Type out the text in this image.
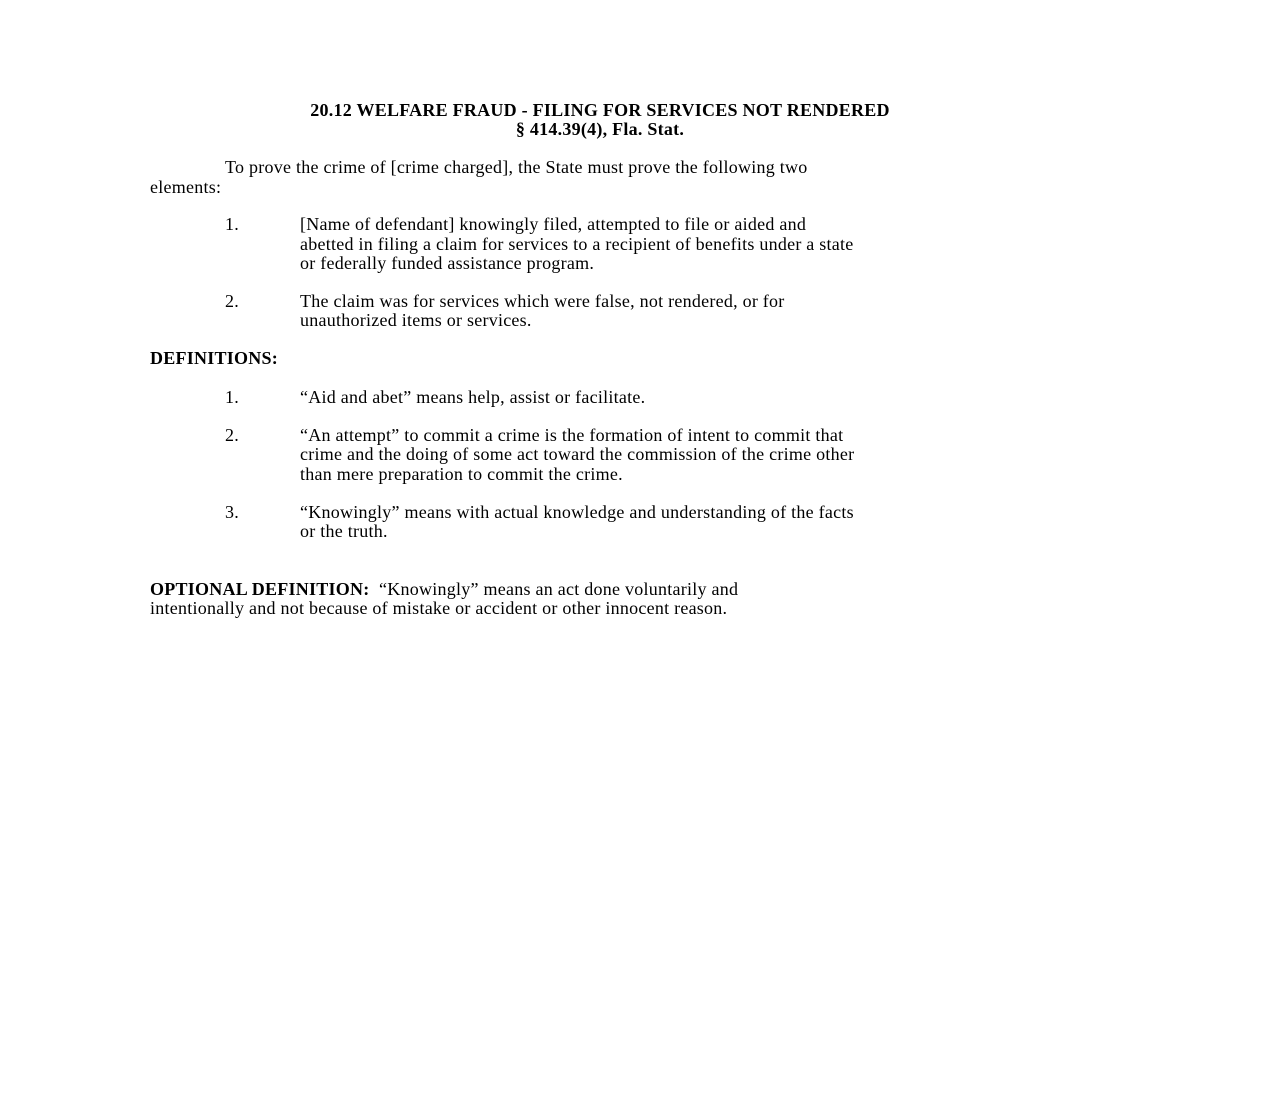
20.12 WELFARE FRAUD - FILING FOR SERVICES NOT RENDERED
§ 414.39(4), Fla. Stat.
To prove the crime of [crime charged], the State must prove the following two
elements:
1.	[Name of defendant] knowingly filed, attempted to file or aided and
abetted in filing a claim for services to a recipient of benefits under a state
or federally funded assistance program.
2.	The claim was for services which were false, not rendered, or for
unauthorized items or services.
DEFINITIONS:
1.	“Aid and abet” means help, assist or facilitate.
2.	“An attempt” to commit a crime is the formation of intent to commit that
crime and the doing of some act toward the commission of the crime other
than mere preparation to commit the crime.
3.	“Knowingly” means with actual knowledge and understanding of the facts
or the truth.
OPTIONAL DEFINITION: “Knowingly” means an act done voluntarily and
intentionally and not because of mistake or accident or other innocent reason.
